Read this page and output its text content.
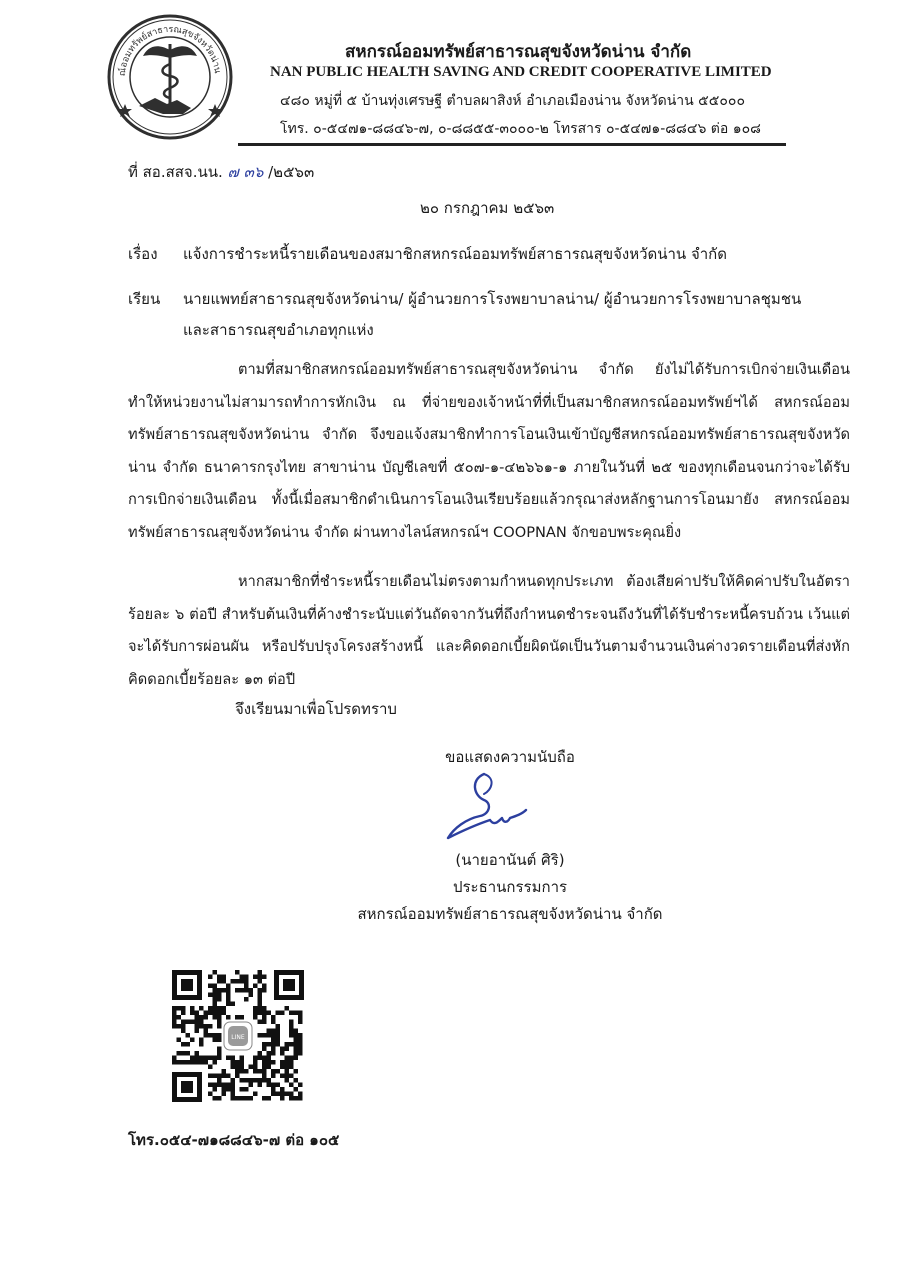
ณ์ออมทรัพย์สาธารณสุขจังหวัดน่าน
สหกรณ์ออมทรัพย์สาธารณสุขจังหวัดน่าน จำกัด
NAN PUBLIC HEALTH SAVING AND CREDIT COOPERATIVE LIMITED
๔๘๐ หมู่ที่ ๕ บ้านทุ่งเศรษฐี ตำบลผาสิงห์ อำเภอเมืองน่าน จังหวัดน่าน ๕๕๐๐๐
โทร. ๐-๕๔๗๑-๘๘๔๖-๗, ๐-๘๘๕๕-๓๐๐๐-๒ โทรสาร ๐-๕๔๗๑-๘๘๔๖ ต่อ ๑๐๘
ที่ สอ.สสจ.นน. ๗ ๓๖ /๒๕๖๓
๒๐ กรกฎาคม ๒๕๖๓
เรื่อง แจ้งการชำระหนี้รายเดือนของสมาชิกสหกรณ์ออมทรัพย์สาธารณสุขจังหวัดน่าน จำกัด
เรียน นายแพทย์สาธารณสุขจังหวัดน่าน/ ผู้อำนวยการโรงพยาบาลน่าน/ ผู้อำนวยการโรงพยาบาลชุมชน
และสาธารณสุขอำเภอทุกแห่ง

ตามที่สมาชิกสหกรณ์ออมทรัพย์สาธารณสุขจังหวัดน่าน จำกัด ยังไม่ได้รับการเบิกจ่ายเงินเดือนทำให้หน่วยงานไม่สามารถทำการหักเงิน ณ ที่จ่ายของเจ้าหน้าที่ที่เป็นสมาชิกสหกรณ์ออมทรัพย์ฯได้ สหกรณ์ออมทรัพย์สาธารณสุขจังหวัดน่าน จำกัด จึงขอแจ้งสมาชิกทำการโอนเงินเข้าบัญชีสหกรณ์ออมทรัพย์สาธารณสุขจังหวัดน่าน จำกัด ธนาคารกรุงไทย สาขาน่าน บัญชีเลขที่ ๕๐๗-๑-๔๒๖๖๑-๑ ภายในวันที่ ๒๕ ของทุกเดือนจนกว่าจะได้รับการเบิกจ่ายเงินเดือน ทั้งนี้เมื่อสมาชิกดำเนินการโอนเงินเรียบร้อยแล้วกรุณาส่งหลักฐานการโอนมายัง สหกรณ์ออมทรัพย์สาธารณสุขจังหวัดน่าน จำกัด ผ่านทางไลน์สหกรณ์ฯ COOPNAN จักขอบพระคุณยิ่ง

หากสมาชิกที่ชำระหนี้รายเดือนไม่ตรงตามกำหนดทุกประเภท ต้องเสียค่าปรับให้คิดค่าปรับในอัตราร้อยละ ๖ ต่อปี สำหรับต้นเงินที่ค้างชำระนับแต่วันถัดจากวันที่ถึงกำหนดชำระจนถึงวันที่ได้รับชำระหนี้ครบถ้วน เว้นแต่จะได้รับการผ่อนผัน หรือปรับปรุงโครงสร้างหนี้ และคิดดอกเบี้ยผิดนัดเป็นวันตามจำนวนเงินค่างวดรายเดือนที่ส่งหัก คิดดอกเบี้ยร้อยละ ๑๓ ต่อปี

จึงเรียนมาเพื่อโปรดทราบ
ขอแสดงความนับถือ
(นายอานันต์ ศิริ)
ประธานกรรมการ
สหกรณ์ออมทรัพย์สาธารณสุขจังหวัดน่าน จำกัด
LINE
โทร.๐๕๔-๗๑๘๘๔๖-๗ ต่อ ๑๐๕
